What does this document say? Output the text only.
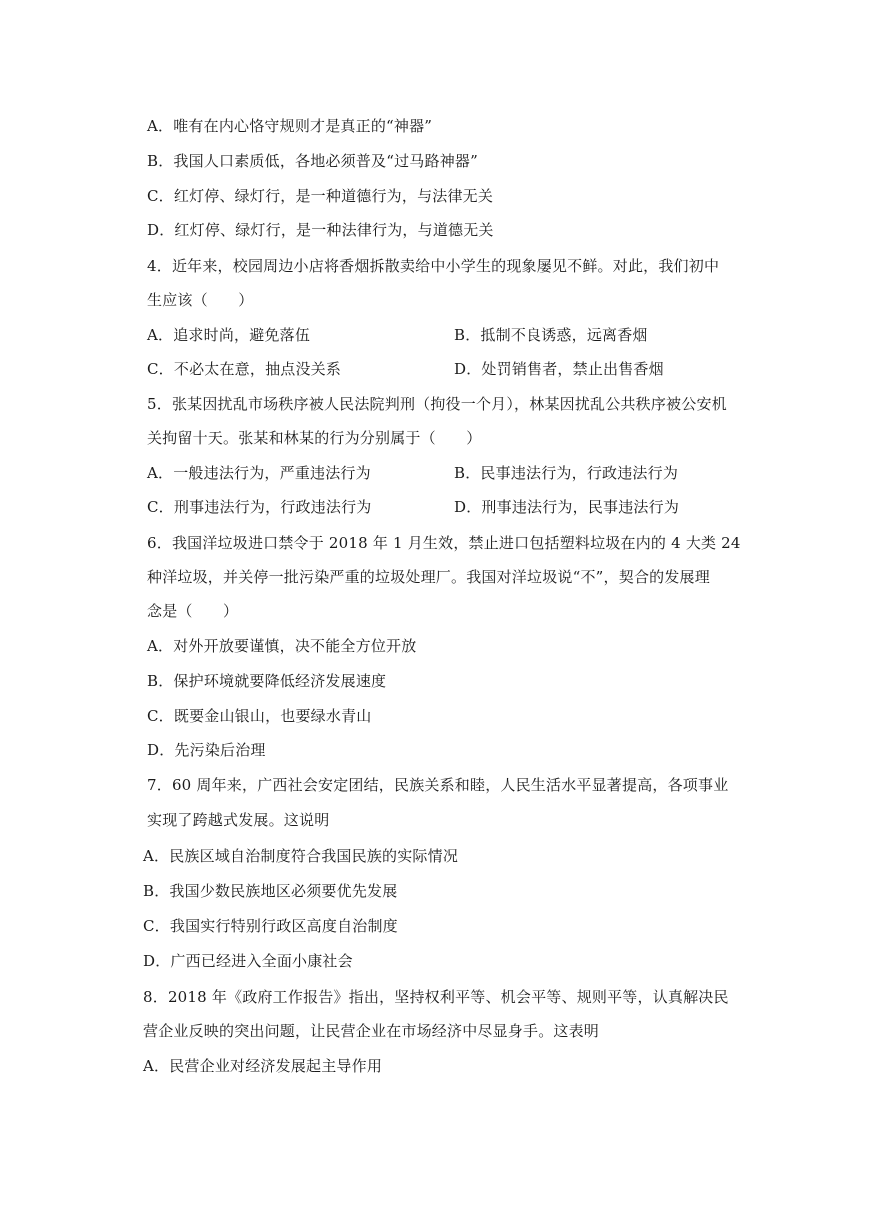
A．唯有在内心恪守规则才是真正的“神器”
B．我国人口素质低，各地必须普及“过马路神器”
C．红灯停、绿灯行，是一种道德行为，与法律无关
D．红灯停、绿灯行，是一种法律行为，与道德无关
4．近年来，校园周边小店将香烟拆散卖给中小学生的现象屡见不鲜。对此，我们初中
生应该（　　）
A．追求时尚，避免落伍	B．抵制不良诱惑，远离香烟
C．不必太在意，抽点没关系	D．处罚销售者，禁止出售香烟
5．张某因扰乱市场秩序被人民法院判刑（拘役一个月），林某因扰乱公共秩序被公安机
关拘留十天。张某和林某的行为分别属于（　　）
A．一般违法行为，严重违法行为	B．民事违法行为，行政违法行为
C．刑事违法行为，行政违法行为	D．刑事违法行为，民事违法行为
6．我国洋垃圾进口禁令于 2018 年 1 月生效，禁止进口包括塑料垃圾在内的 4 大类 24
种洋垃圾，并关停一批污染严重的垃圾处理厂。我国对洋垃圾说“不”，契合的发展理
念是（　　）
A．对外开放要谨慎，决不能全方位开放
B．保护环境就要降低经济发展速度
C．既要金山银山，也要绿水青山
D．先污染后治理
7．60 周年来，广西社会安定团结，民族关系和睦，人民生活水平显著提高，各项事业
实现了跨越式发展。这说明
A．民族区域自治制度符合我国民族的实际情况
B．我国少数民族地区必须要优先发展
C．我国实行特别行政区高度自治制度
D．广西已经进入全面小康社会
8．2018 年《政府工作报告》指出，坚持权利平等、机会平等、规则平等，认真解决民
营企业反映的突出问题，让民营企业在市场经济中尽显身手。这表明
A．民营企业对经济发展起主导作用
